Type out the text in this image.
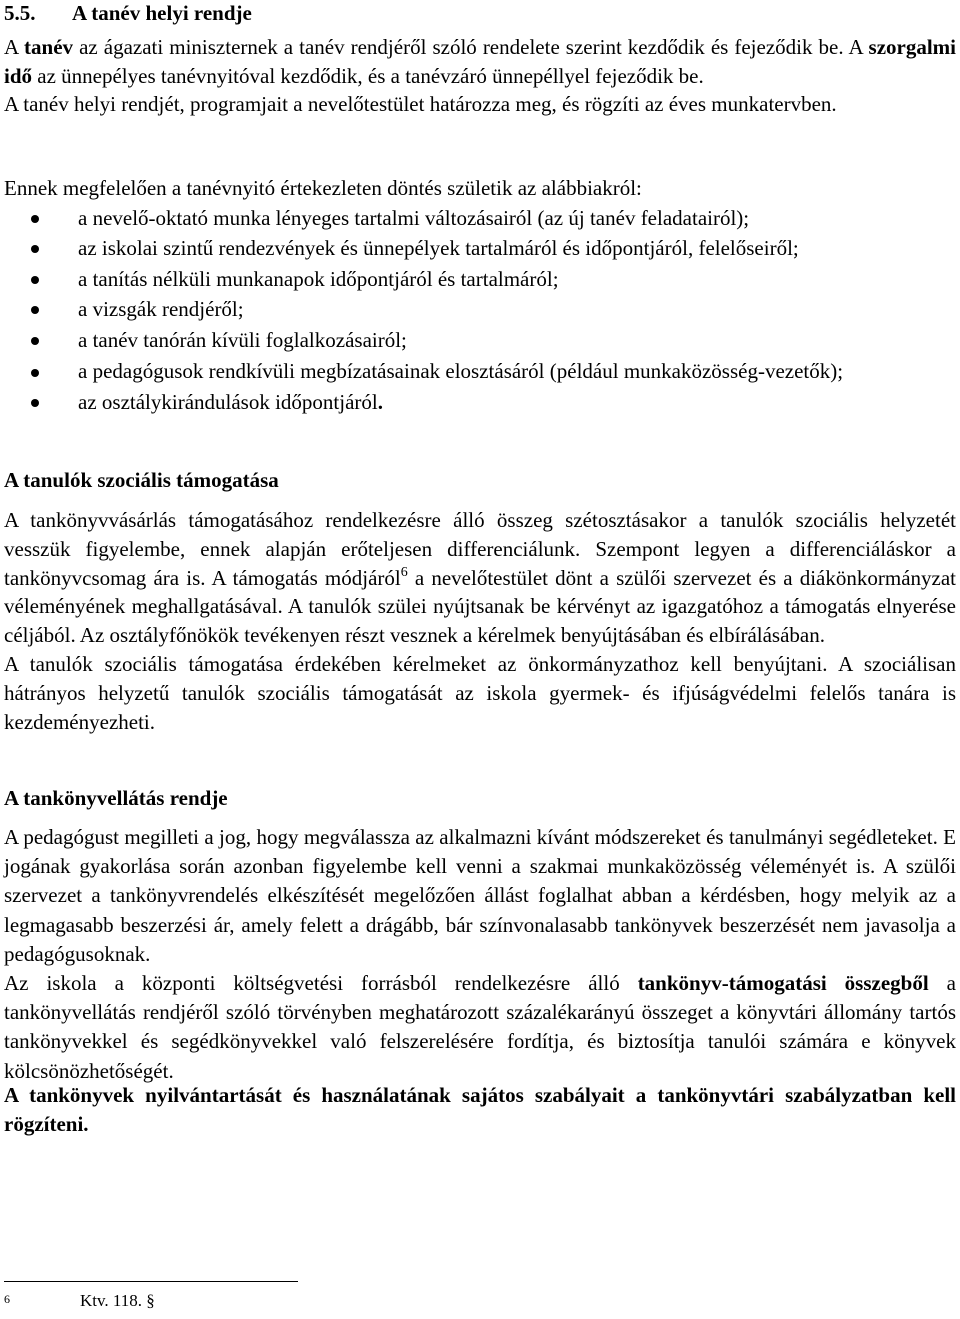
5.5. A tanév helyi rendje

A tanév az ágazati miniszternek a tanév rendjéről szóló rendelete szerint kezdődik és fejeződik be. A szorgalmi idő az ünnepélyes tanévnyitóval kezdődik, és a tanévzáró ünnepéllyel fejeződik be.

A tanév helyi rendjét, programjait a nevelőtestület határozza meg, és rögzíti az éves munkatervben.

Ennek megfelelően a tanévnyitó értekezleten döntés születik az alábbiakról:

a nevelő-oktató munka lényeges tartalmi változásairól (az új tanév feladatairól);
az iskolai szintű rendezvények és ünnepélyek tartalmáról és időpontjáról, felelőseiről;
a tanítás nélküli munkanapok időpontjáról és tartalmáról;
a vizsgák rendjéről;
a tanév tanórán kívüli foglalkozásairól;
a pedagógusok rendkívüli megbízatásainak elosztásáról (például munkaközösség-vezetők);
az osztálykirándulások időpontjáról.
A tanulók szociális támogatása

A tankönyvvásárlás támogatásához rendelkezésre álló összeg szétosztásakor a tanulók szociális helyzetét vesszük figyelembe, ennek alapján erőteljesen differenciálunk. Szempont legyen a differenciáláskor a tankönyvcsomag ára is. A támogatás módjáról$^6$ a nevelőtestület dönt a szülői szervezet és a diákönkormányzat véleményének meghallgatásával. A tanulók szülei nyújtsanak be kérvényt az igazgatóhoz a támogatás elnyerése céljából. Az osztályfőnökök tevékenyen részt vesznek a kérelmek benyújtásában és elbírálásában.

A tanulók szociális támogatása érdekében kérelmeket az önkormányzathoz kell benyújtani. A szociálisan hátrányos helyzetű tanulók szociális támogatását az iskola gyermek- és ifjúságvédelmi felelős tanára is kezdeményezheti.

A tankönyvellátás rendje

A pedagógust megilleti a jog, hogy megválassza az alkalmazni kívánt módszereket és tanulmányi segédleteket. E jogának gyakorlása során azonban figyelembe kell venni a szakmai munkaközösség véleményét is. A szülői szervezet a tankönyvrendelés elkészítését megelőzően állást foglalhat abban a kérdésben, hogy melyik az a legmagasabb beszerzési ár, amely felett a drágább, bár színvonalasabb tankönyvek beszerzését nem javasolja a pedagógusoknak.

Az iskola a központi költségvetési forrásból rendelkezésre álló tankönyv-támogatási összegből a tankönyvellátás rendjéről szóló törvényben meghatározott százalékarányú összeget a könyvtári állomány tartós tankönyvekkel és segédkönyvekkel való felszerelésére fordítja, és biztosítja tanulói számára e könyvek kölcsönözhetőségét.

A tankönyvek nyilvántartását és használatának sajátos szabályait a tankönyvtári szabályzatban kell rögzíteni.
$^6$	Ktv. 118. §
